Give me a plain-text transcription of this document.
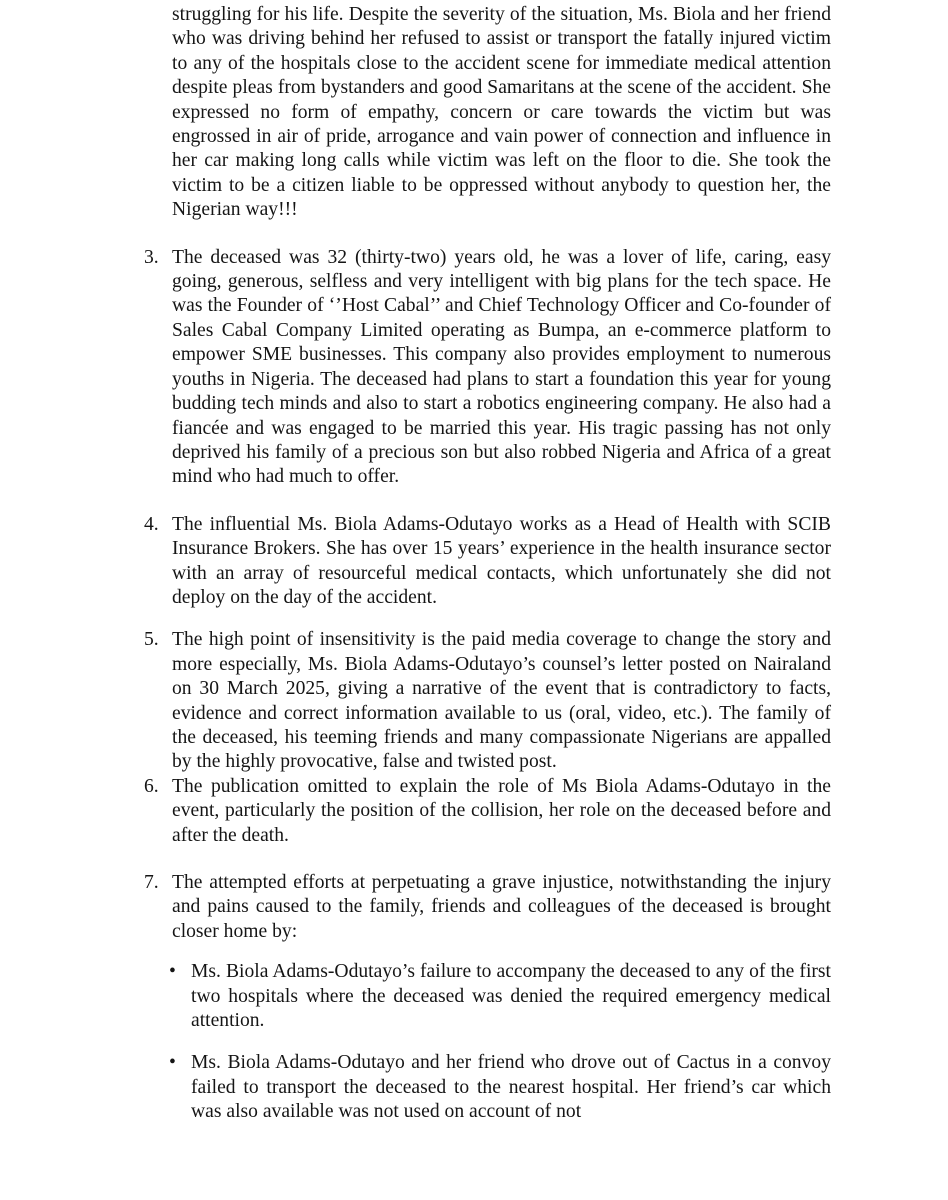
struggling for his life. Despite the severity of the situation, Ms. Biola and her friend who was driving behind her refused to assist or transport the fatally injured victim to any of the hospitals close to the accident scene for immediate medical attention despite pleas from bystanders and good Samaritans at the scene of the accident. She expressed no form of empathy, concern or care towards the victim but was engrossed in air of pride, arrogance and vain power of connection and influence in her car making long calls while victim was left on the floor to die. She took the victim to be a citizen liable to be oppressed without anybody to question her, the Nigerian way!!!
3. The deceased was 32 (thirty-two) years old, he was a lover of life, caring, easy going, generous, selfless and very intelligent with big plans for the tech space. He was the Founder of ‘’Host Cabal’’ and Chief Technology Officer and Co-founder of Sales Cabal Company Limited operating as Bumpa, an e-commerce platform to empower SME businesses. This company also provides employment to numerous youths in Nigeria. The deceased had plans to start a foundation this year for young budding tech minds and also to start a robotics engineering company. He also had a fiancée and was engaged to be married this year. His tragic passing has not only deprived his family of a precious son but also robbed Nigeria and Africa of a great mind who had much to offer.
4. The influential Ms. Biola Adams-Odutayo works as a Head of Health with SCIB Insurance Brokers. She has over 15 years’ experience in the health insurance sector with an array of resourceful medical contacts, which unfortunately she did not deploy on the day of the accident.
5. The high point of insensitivity is the paid media coverage to change the story and more especially, Ms. Biola Adams-Odutayo’s counsel’s letter posted on Nairaland on 30 March 2025, giving a narrative of the event that is contradictory to facts, evidence and correct information available to us (oral, video, etc.). The family of the deceased, his teeming friends and many compassionate Nigerians are appalled by the highly provocative, false and twisted post.
6. The publication omitted to explain the role of Ms Biola Adams-Odutayo in the event, particularly the position of the collision, her role on the deceased before and after the death.
7. The attempted efforts at perpetuating a grave injustice, notwithstanding the injury and pains caused to the family, friends and colleagues of the deceased is brought closer home by:
• Ms. Biola Adams-Odutayo’s failure to accompany the deceased to any of the first two hospitals where the deceased was denied the required emergency medical attention.
• Ms. Biola Adams-Odutayo and her friend who drove out of Cactus in a convoy failed to transport the deceased to the nearest hospital. Her friend’s car which was also available was not used on account of not
